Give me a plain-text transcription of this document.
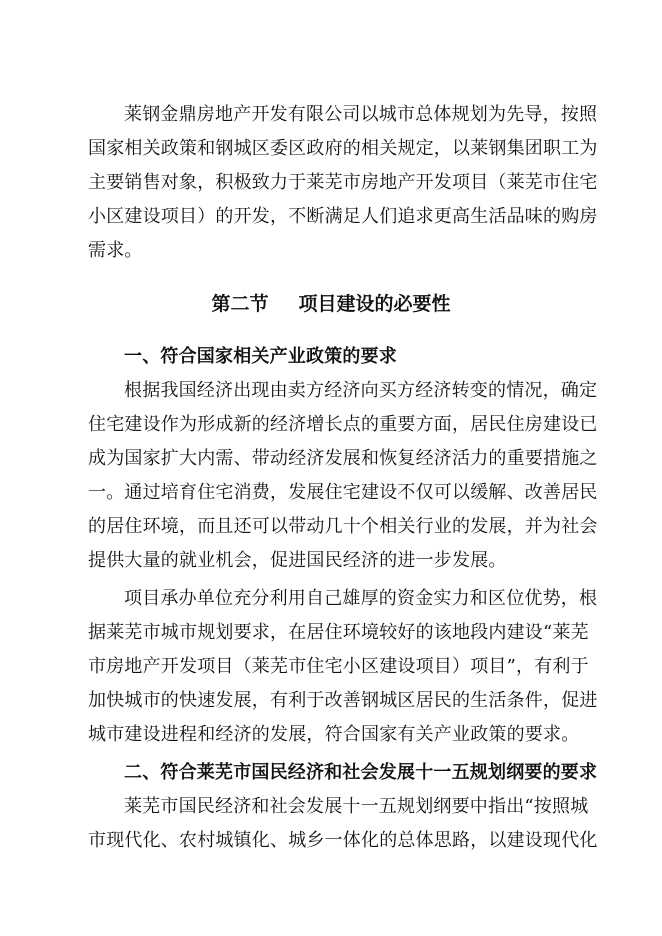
莱钢金鼎房地产开发有限公司以城市总体规划为先导，按照
国家相关政策和钢城区委区政府的相关规定，以莱钢集团职工为
主要销售对象，积极致力于莱芜市房地产开发项目（莱芜市住宅
小区建设项目）的开发，不断满足人们追求更高生活品味的购房
需求。
第二节 项目建设的必要性
一、符合国家相关产业政策的要求
根据我国经济出现由卖方经济向买方经济转变的情况，确定
住宅建设作为形成新的经济增长点的重要方面，居民住房建设已
成为国家扩大内需、带动经济发展和恢复经济活力的重要措施之
一。通过培育住宅消费，发展住宅建设不仅可以缓解、改善居民
的居住环境，而且还可以带动几十个相关行业的发展，并为社会
提供大量的就业机会，促进国民经济的进一步发展。
项目承办单位充分利用自己雄厚的资金实力和区位优势，根
据莱芜市城市规划要求，在居住环境较好的该地段内建设“莱芜
市房地产开发项目（莱芜市住宅小区建设项目）项目”，有利于
加快城市的快速发展，有利于改善钢城区居民的生活条件，促进
城市建设进程和经济的发展，符合国家有关产业政策的要求。
二、符合莱芜市国民经济和社会发展十一五规划纲要的要求
莱芜市国民经济和社会发展十一五规划纲要中指出“按照城
市现代化、农村城镇化、城乡一体化的总体思路，以建设现代化
